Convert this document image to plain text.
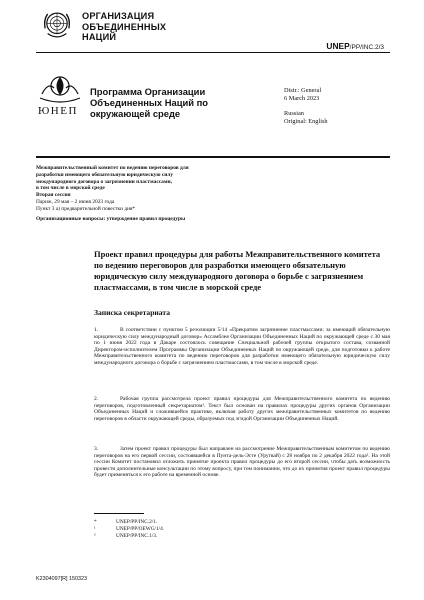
ОРГАНИЗАЦИЯ
ОБЪЕДИНЕННЫХ
НАЦИЙ
UNEP/PP/INC.2/3
ЮНЕП
Программа Организации
Объединенных Наций по
окружающей среде
Distr.: General
6 March 2023
Russian
Original: English
Межправительственный комитет по ведению переговоров для
разработки имеющего обязательную юридическую силу
международного договора о загрязнении пластмассами,
в том числе в морской среде
Вторая сессия
Париж, 29 мая – 2 июня 2023 года
Пункт 3 a) предварительной повестки дня*
Организационные вопросы: утверждение правил процедуры
Проект правил процедуры для работы Межправительственного комитета по ведению переговоров для разработки имеющего обязательную юридическую силу международного договора о борьбе с загрязнением пластмассами, в том числе в морской среде
Записка секретариата
1.	В соответствии с пунктом 5 резолюции 5/14 «Прекратим загрязнение пластмассами: за имеющий обязательную юридическую силу международный договор» Ассамблея Организации Объединенных Наций по окружающей среде с 30 мая по 1 июня 2022 года в Дакаре состоялось совещание Специальной рабочей группы открытого состава, созванной Директором-исполнителем Программы Организации Объединенных Наций по окружающей среде, для подготовки к работе Межправительственного комитета по ведению переговоров для разработки имеющего обязательную юридическую силу международного договора о борьбе с загрязнением пластмассами, в том числе в морской среде.
2.	Рабочая группа рассмотрела проект правил процедуры для Межправительственного комитета по ведению переговоров, подготовленный секретариатом¹. Текст был основан на правилах процедуры других органов Организации Объединенных Наций и сложившейся практике, включая работу других межправительственных комитетов по ведению переговоров в области окружающей среды, образуемых под эгидой Организации Объединенных Наций.
3.	Затем проект правил процедуры был направлен на рассмотрение Межправительственным комитетом по ведению переговоров на его первой сессии, состоявшейся в Пунта-дель-Эсте (Уругвай) с 28 ноября по 2 декабря 2022 года². На этой сессии Комитет постановил отложить принятие проекта правил процедуры до его второй сессии, чтобы дать возможность провести дополнительные консультации по этому вопросу, при том понимании, что до их принятия проект правил процедуры будет применяться к его работе на временной основе.
*	UNEP/PP/INC.2/1.
¹	UNEP/PP/OEWG/1/4.
²	UNEP/PP/INC.1/3.
K2304097[R] 150323
